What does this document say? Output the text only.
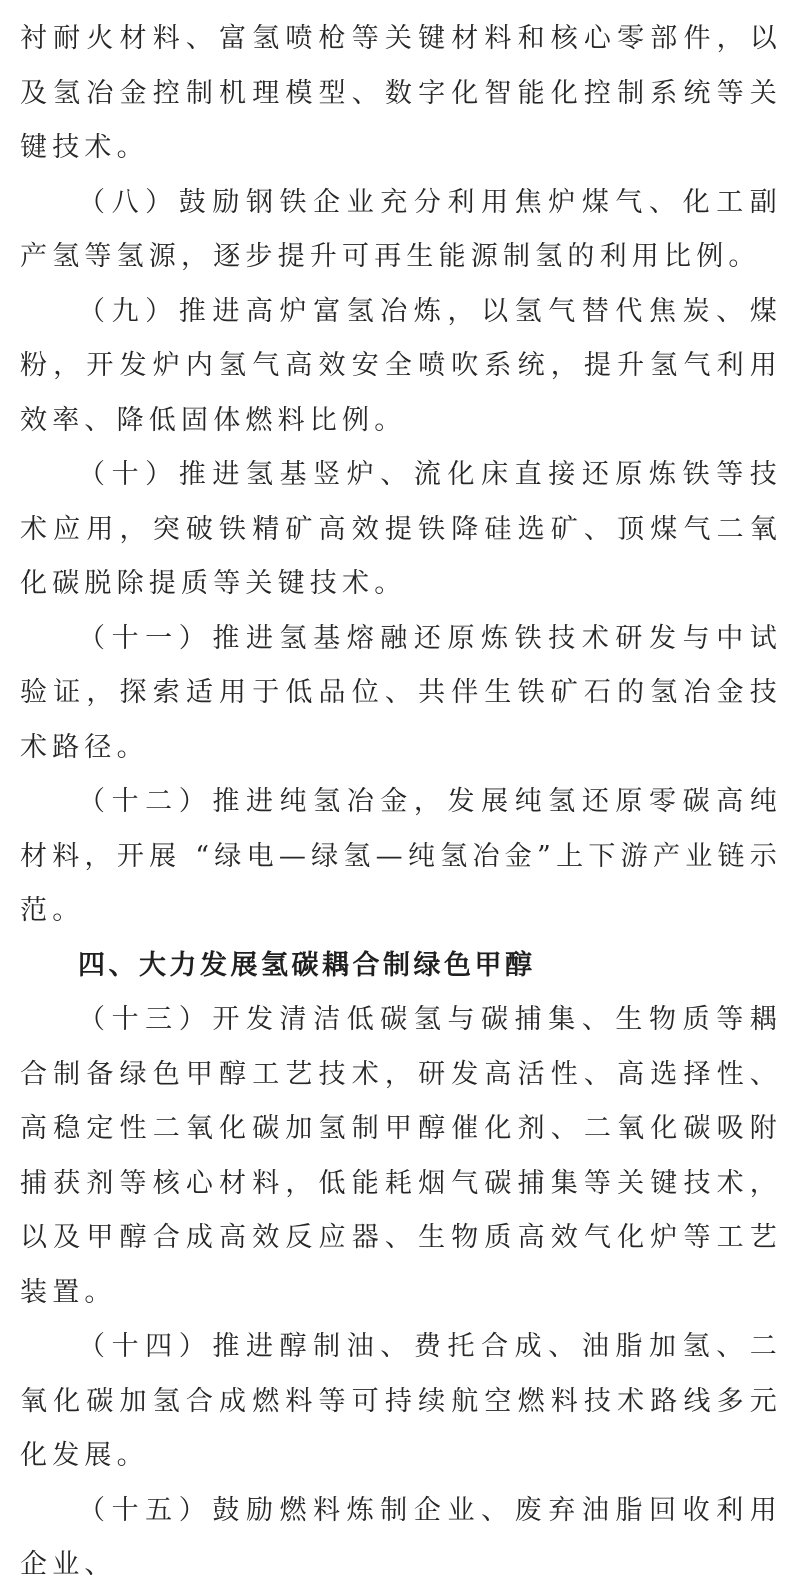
衬耐火材料、富氢喷枪等关键材料和核心零部件，以及氢冶金控制机理模型、数字化智能化控制系统等关键技术。

（八）鼓励钢铁企业充分利用焦炉煤气、化工副产氢等氢源，逐步提升可再生能源制氢的利用比例。

（九）推进高炉富氢冶炼，以氢气替代焦炭、煤粉，开发炉内氢气高效安全喷吹系统，提升氢气利用效率、降低固体燃料比例。

（十）推进氢基竖炉、流化床直接还原炼铁等技术应用，突破铁精矿高效提铁降硅选矿、顶煤气二氧化碳脱除提质等关键技术。

（十一）推进氢基熔融还原炼铁技术研发与中试验证，探索适用于低品位、共伴生铁矿石的氢冶金技术路径。

（十二）推进纯氢冶金，发展纯氢还原零碳高纯材料，开展 “绿电—绿氢—纯氢冶金”上下游产业链示范。

四、大力发展氢碳耦合制绿色甲醇

（十三）开发清洁低碳氢与碳捕集、生物质等耦合制备绿色甲醇工艺技术，研发高活性、高选择性、高稳定性二氧化碳加氢制甲醇催化剂、二氧化碳吸附捕获剂等核心材料，低能耗烟气碳捕集等关键技术，以及甲醇合成高效反应器、生物质高效气化炉等工艺装置。

（十四）推进醇制油、费托合成、油脂加氢、二氧化碳加氢合成燃料等可持续航空燃料技术路线多元化发展。

（十五）鼓励燃料炼制企业、废弃油脂回收利用企业、
